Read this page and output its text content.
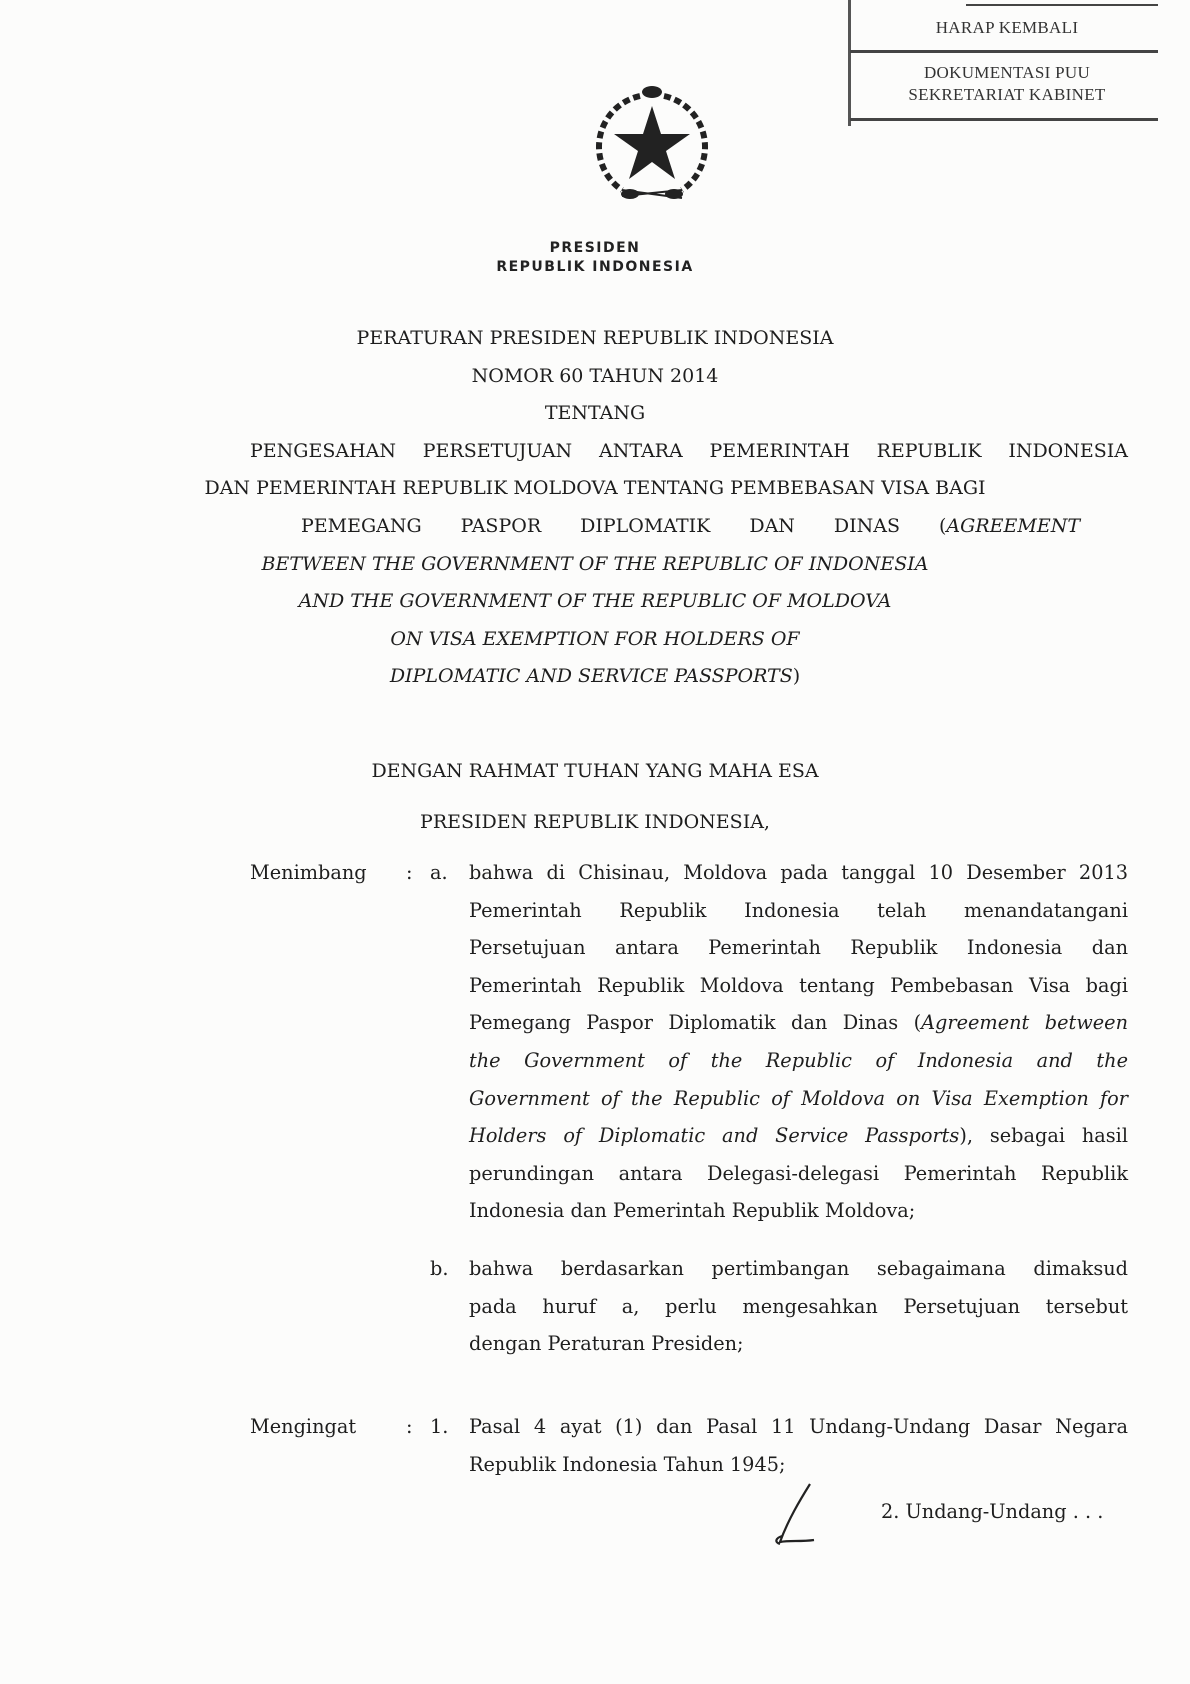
HARAP KEMBALI
DOKUMENTASI PUU
SEKRETARIAT KABINET
PRESIDEN
REPUBLIK INDONESIA
PERATURAN PRESIDEN REPUBLIK INDONESIA
NOMOR 60 TAHUN 2014
TENTANG
PENGESAHAN PERSETUJUAN ANTARA PEMERINTAH REPUBLIK INDONESIA
DAN PEMERINTAH REPUBLIK MOLDOVA TENTANG PEMBEBASAN VISA BAGI
PEMEGANG PASPOR DIPLOMATIK DAN DINAS (AGREEMENT
BETWEEN THE GOVERNMENT OF THE REPUBLIC OF INDONESIA
AND THE GOVERNMENT OF THE REPUBLIC OF MOLDOVA
ON VISA EXEMPTION FOR HOLDERS OF
DIPLOMATIC AND SERVICE PASSPORTS)
DENGAN RAHMAT TUHAN YANG MAHA ESA
PRESIDEN REPUBLIK INDONESIA,
Menimbang : a. bahwa di Chisinau, Moldova pada tanggal 10 Desember 2013
Pemerintah Republik Indonesia telah menandatangani
Persetujuan antara Pemerintah Republik Indonesia dan
Pemerintah Republik Moldova tentang Pembebasan Visa bagi
Pemegang Paspor Diplomatik dan Dinas (Agreement between
the Government of the Republic of Indonesia and the
Government of the Republic of Moldova on Visa Exemption for
Holders of Diplomatic and Service Passports), sebagai hasil
perundingan antara Delegasi-delegasi Pemerintah Republik
Indonesia dan Pemerintah Republik Moldova;
b. bahwa berdasarkan pertimbangan sebagaimana dimaksud
pada huruf a, perlu mengesahkan Persetujuan tersebut
dengan Peraturan Presiden;
Mengingat	: 1. Pasal 4 ayat (1) dan Pasal 11 Undang-Undang Dasar Negara
Republik Indonesia Tahun 1945;
2. Undang-Undang . . .
